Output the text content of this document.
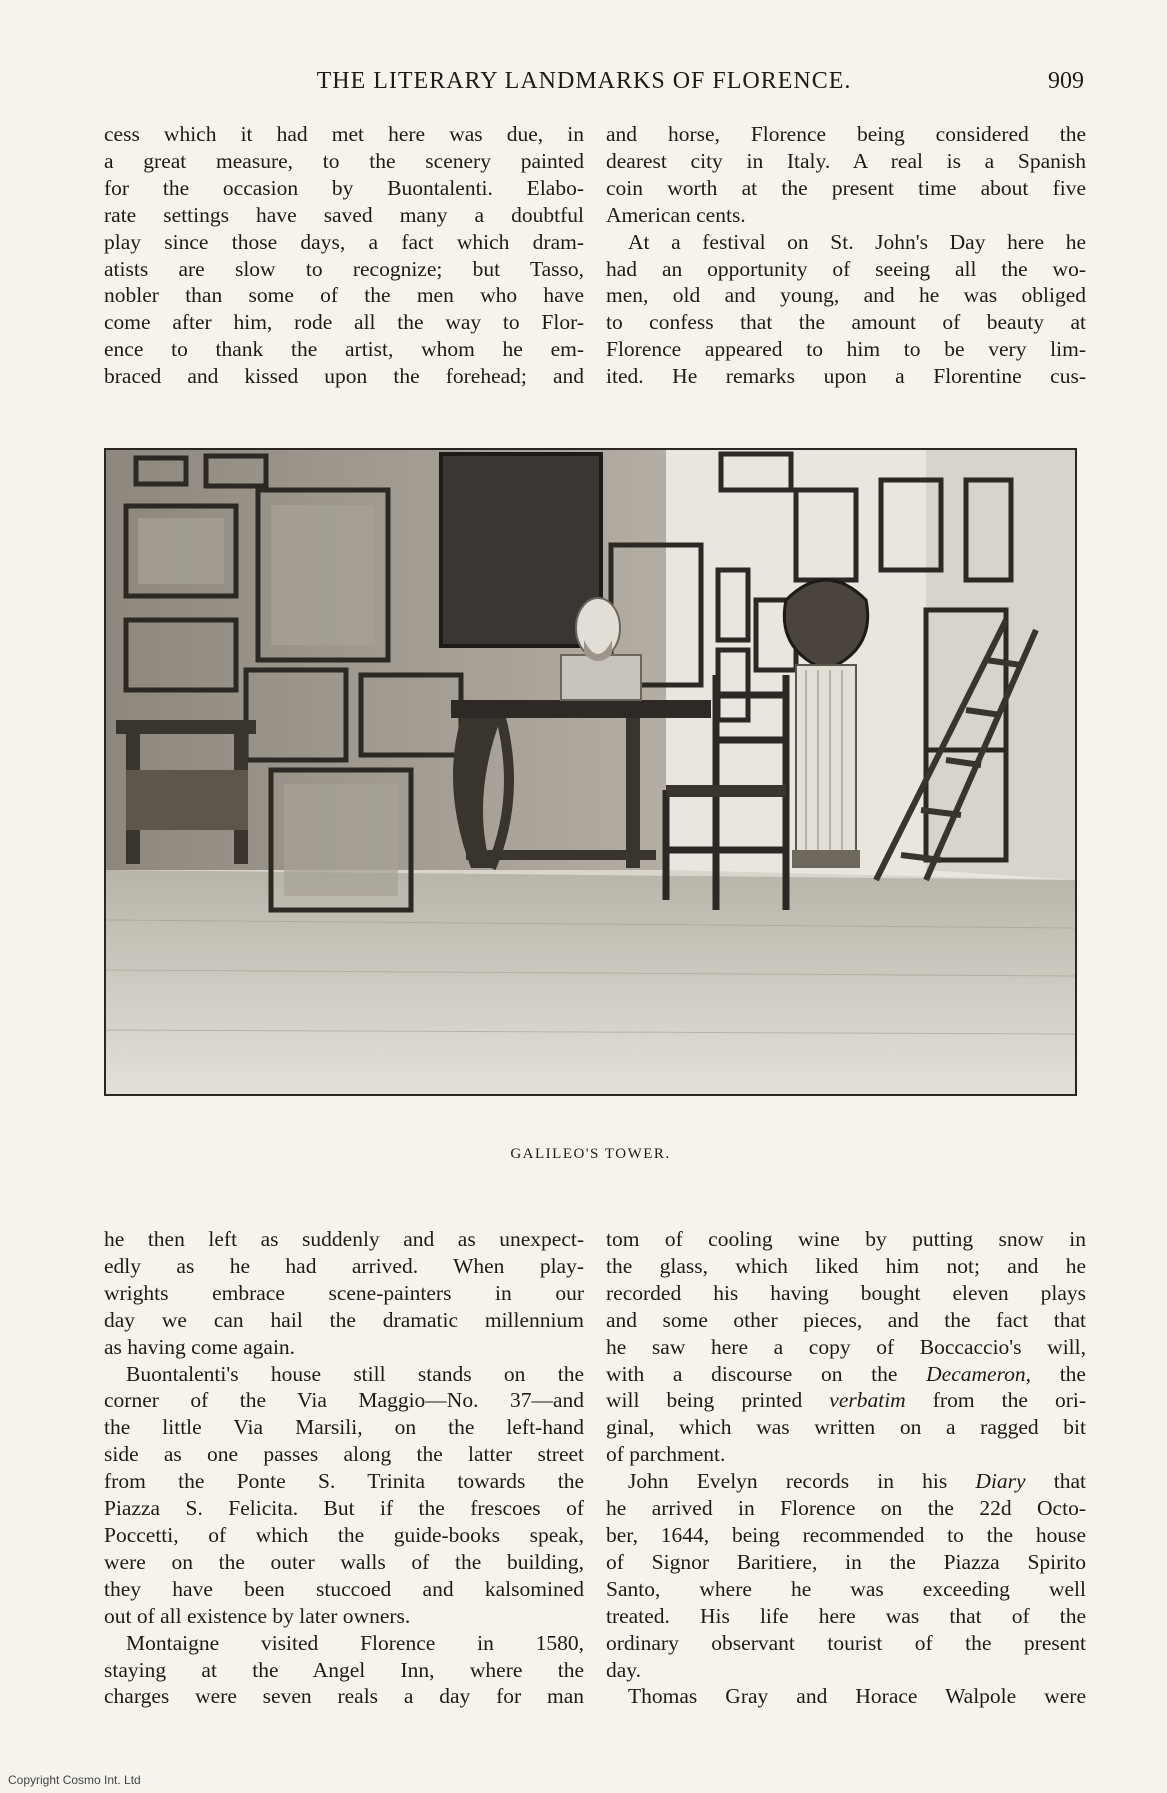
THE LITERARY LANDMARKS OF FLORENCE.	909

cess which it had met here was due, in
a great measure, to the scenery painted
for the occasion by Buontalenti. Elabo-
rate settings have saved many a doubtful
play since those days, a fact which dram-
atists are slow to recognize; but Tasso,
nobler than some of the men who have
come after him, rode all the way to Flor-
ence to thank the artist, whom he em-
braced and kissed upon the forehead; and

and horse, Florence being considered the
dearest city in Italy. A real is a Spanish
coin worth at the present time about five
American cents.

At a festival on St. John's Day here he
had an opportunity of seeing all the wo-
men, old and young, and he was obliged
to confess that the amount of beauty at
Florence appeared to him to be very lim-
ited. He remarks upon a Florentine cus-

GALILEO'S TOWER.

he then left as suddenly and as unexpect-
edly as he had arrived. When play-
wrights embrace scene-painters in our
day we can hail the dramatic millennium
as having come again.

Buontalenti's house still stands on the
corner of the Via Maggio—No. 37—and
the little Via Marsili, on the left-hand
side as one passes along the latter street
from the Ponte S. Trinita towards the
Piazza S. Felicita. But if the frescoes of
Poccetti, of which the guide-books speak,
were on the outer walls of the building,
they have been stuccoed and kalsomined
out of all existence by later owners.

Montaigne visited Florence in 1580,
staying at the Angel Inn, where the
charges were seven reals a day for man

tom of cooling wine by putting snow in
the glass, which liked him not; and he
recorded his having bought eleven plays
and some other pieces, and the fact that
he saw here a copy of Boccaccio's will,
with a discourse on the Decameron, the
will being printed verbatim from the ori-
ginal, which was written on a ragged bit
of parchment.

John Evelyn records in his Diary that
he arrived in Florence on the 22d Octo-
ber, 1644, being recommended to the house
of Signor Baritiere, in the Piazza Spirito
Santo, where he was exceeding well
treated. His life here was that of the
ordinary observant tourist of the present
day.

Thomas Gray and Horace Walpole were

Copyright Cosmo Int. Ltd
